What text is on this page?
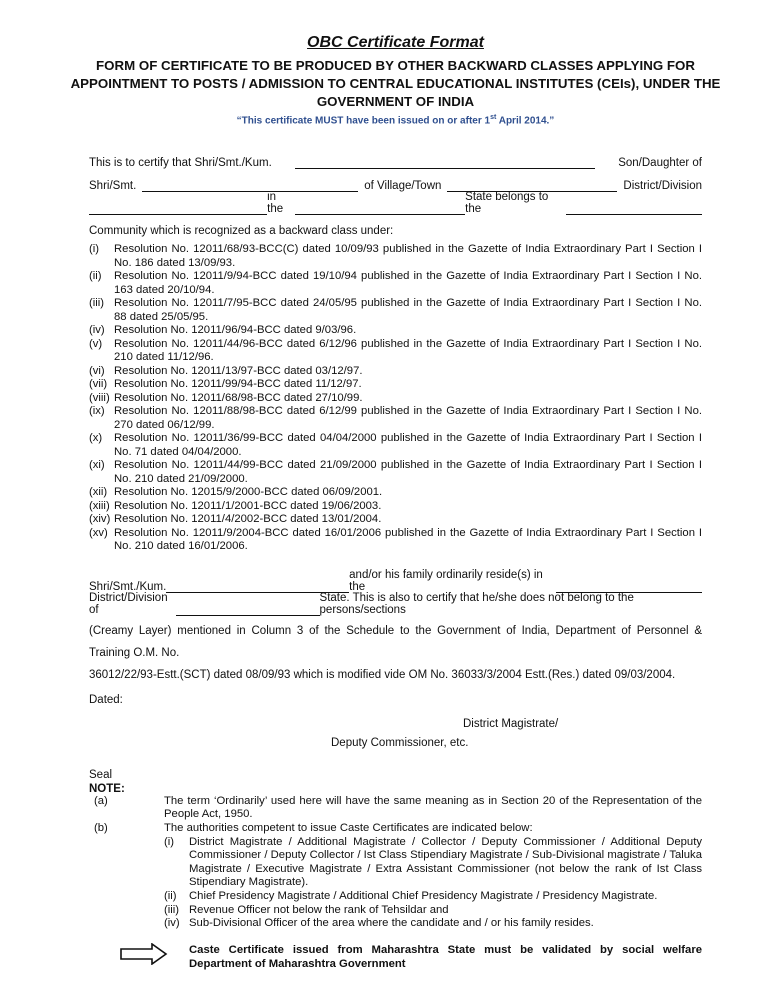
OBC Certificate Format
FORM OF CERTIFICATE TO BE PRODUCED BY OTHER BACKWARD CLASSES APPLYING FOR APPOINTMENT TO POSTS / ADMISSION TO CENTRAL EDUCATIONAL INSTITUTES (CEIs), UNDER THE GOVERNMENT OF INDIA
“This certificate MUST have been issued on or after 1st April 2014.”
This is to certify that Shri/Smt./Kum.	Son/Daughter of
Shri/Smt.	of Village/Town	District/Division
in the
State belongs to the
Community which is recognized as a backward class under:
(i)	Resolution No. 12011/68/93-BCC(C) dated 10/09/93 published in the Gazette of India Extraordinary Part I Section I No. 186 dated 13/09/93.
(ii)	Resolution No. 12011/9/94-BCC dated 19/10/94 published in the Gazette of India Extraordinary Part I Section I No. 163 dated 20/10/94.
(iii) Resolution No. 12011/7/95-BCC dated 24/05/95 published in the Gazette of India Extraordinary Part I Section I No. 88 dated 25/05/95.
(iv) Resolution No. 12011/96/94-BCC dated 9/03/96.
(v)	Resolution No. 12011/44/96-BCC dated 6/12/96 published in the Gazette of India Extraordinary Part I Section I No. 210 dated 11/12/96.
(vi) Resolution No. 12011/13/97-BCC dated 03/12/97.
(vii) Resolution No. 12011/99/94-BCC dated 11/12/97.
(viii) Resolution No. 12011/68/98-BCC dated 27/10/99.
(ix) Resolution No. 12011/88/98-BCC dated 6/12/99 published in the Gazette of India Extraordinary Part I Section I No. 270 dated 06/12/99.
(x)	Resolution No. 12011/36/99-BCC dated 04/04/2000 published in the Gazette of India Extraordinary Part I Section I No. 71 dated 04/04/2000.
(xi) Resolution No. 12011/44/99-BCC dated 21/09/2000 published in the Gazette of India Extraordinary Part I Section I No. 210 dated 21/09/2000.
(xii) Resolution No. 12015/9/2000-BCC dated 06/09/2001.
(xiii) Resolution No. 12011/1/2001-BCC dated 19/06/2003.
(xiv) Resolution No. 12011/4/2002-BCC dated 13/01/2004.
(xv) Resolution No. 12011/9/2004-BCC dated 16/01/2006 published in the Gazette of India Extraordinary Part I Section I No. 210 dated 16/01/2006.
Shri/Smt./Kum.
and/or his family ordinarily reside(s) in the
District/Division of
State. This is also to certify that he/she does not belong to the persons/sections
(Creamy Layer) mentioned in Column 3 of the Schedule to the Government of India, Department of Personnel & Training O.M. No.
36012/22/93-Estt.(SCT) dated 08/09/93 which is modified vide OM No. 36033/3/2004 Estt.(Res.) dated 09/03/2004.
Dated:
District Magistrate/
Deputy Commissioner, etc.
Seal
NOTE:
(a)	The term ‘Ordinarily’ used here will have the same meaning as in Section 20 of the Representation of the People Act, 1950.
(b)	The authorities competent to issue Caste Certificates are indicated below:
(i)	District Magistrate / Additional Magistrate / Collector / Deputy Commissioner / Additional Deputy Commissioner / Deputy Collector / Ist Class Stipendiary Magistrate / Sub-Divisional magistrate / Taluka Magistrate / Executive Magistrate / Extra Assistant Commissioner (not below the rank of Ist Class Stipendiary Magistrate).
(ii)	Chief Presidency Magistrate / Additional Chief Presidency Magistrate / Presidency Magistrate.
(iii) Revenue Officer not below the rank of Tehsildar and
(iv) Sub-Divisional Officer of the area where the candidate and / or his family resides.
Caste Certificate issued from Maharashtra State must be validated by social welfare Department of Maharashtra Government
